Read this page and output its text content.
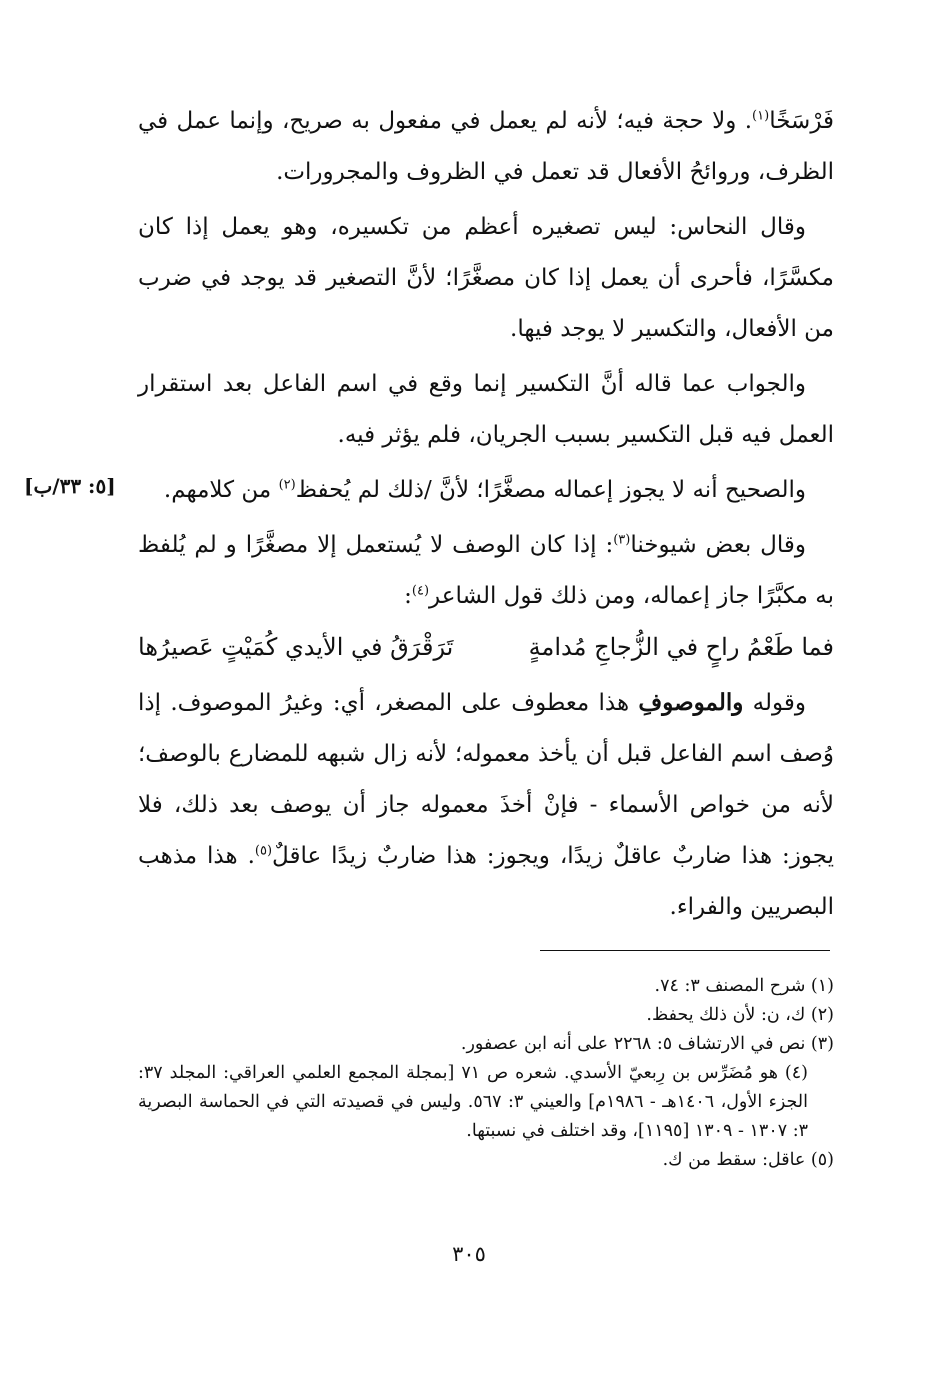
فَرْسَخًا$^{(١)}$. ولا حجة فيه؛ لأنه لم يعمل في مفعول به صريح، وإنما عمل في الظرف، وروائحُ الأفعال قد تعمل في الظروف والمجرورات.

وقال النحاس: ليس تصغيره أعظم من تكسيره، وهو يعمل إذا كان مكسَّرًا، فأحرى أن يعمل إذا كان مصغَّرًا؛ لأنَّ التصغير قد يوجد في ضرب من الأفعال، والتكسير لا يوجد فيها.

والجواب عما قاله أنَّ التكسير إنما وقع في اسم الفاعل بعد استقرار العمل فيه قبل التكسير بسبب الجريان، فلم يؤثر فيه.

والصحيح أنه لا يجوز إعماله مصغَّرًا؛ لأنَّ /ذلك لم يُحفظ$^{(٢)}$ من كلامهم.

وقال بعض شيوخنا$^{(٣)}$: إذا كان الوصف لا يُستعمل إلا مصغَّرًا و لم يُلفظ به مكبَّرًا جاز إعماله، ومن ذلك قول الشاعر$^{(٤)}$:

فما طَعْمُ راحٍ في الزُّجاجِ مُدامةٍ
تَرَقْرَقُ في الأيدي كُمَيْتٍ عَصيرُها

وقوله والموصوفِ هذا معطوف على المصغر، أي: وغيرُ الموصوف. إذا وُصف اسم الفاعل قبل أن يأخذ معموله؛ لأنه زال شبهه للمضارع بالوصف؛ لأنه من خواص الأسماء - فإنْ أخذَ معموله جاز أن يوصف بعد ذلك، فلا يجوز: هذا ضاربٌ عاقلٌ زيدًا، ويجوز: هذا ضاربٌ زيدًا عاقلٌ$^{(٥)}$. هذا مذهب البصريين والفراء.

[٥: ٣٣/ب]

(١) شرح المصنف ٣: ٧٤.

(٢) ك، ن: لأن ذلك يحفظ.

(٣) نص في الارتشاف ٥: ٢٢٦٨ على أنه ابن عصفور.

(٤) هو مُضَرِّس بن رِبعيّ الأسدي. شعره ص ٧١ [بمجلة المجمع العلمي العراقي: المجلد ٣٧: الجزء الأول، ١٤٠٦هـ - ١٩٨٦م] والعيني ٣: ٥٦٧. وليس في قصيدته التي في الحماسة البصرية ٣: ١٣٠٧ - ١٣٠٩ [١١٩٥]، وقد اختلف في نسبتها.

(٥) عاقل: سقط من ك.

٣٠٥
